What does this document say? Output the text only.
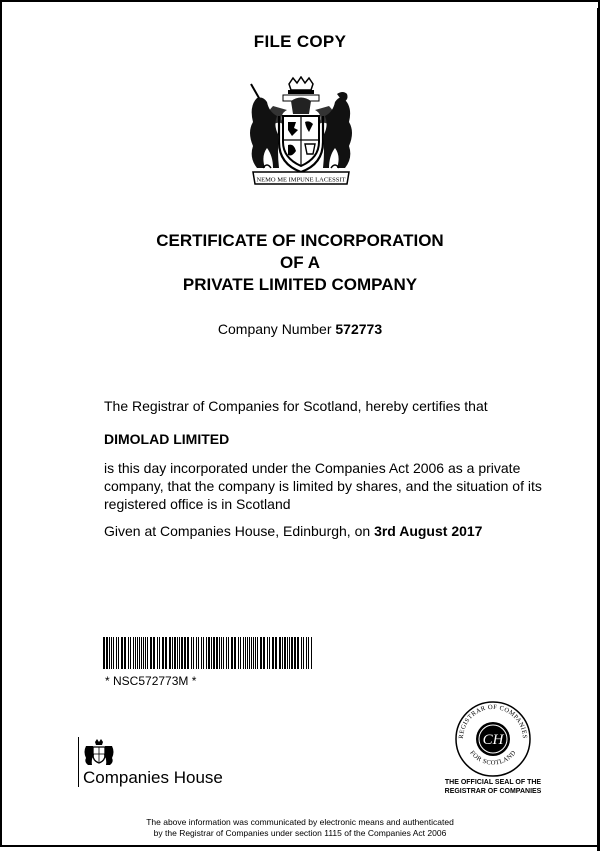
FILE COPY
NEMO ME IMPUNE LACESSIT
CERTIFICATE OF INCORPORATION
OF A
PRIVATE LIMITED COMPANY
Company Number 572773
The Registrar of Companies for Scotland, hereby certifies that
DIMOLAD LIMITED
is this day incorporated under the Companies Act 2006 as a private company, that the company is limited by shares, and the situation of its registered office is in Scotland
Given at Companies House, Edinburgh, on 3rd August 2017
* NSC572773M *
Companies House
REGISTRAR OF COMPANIES
FOR SCOTLAND
CH
THE OFFICIAL SEAL OF THE
REGISTRAR OF COMPANIES
The above information was communicated by electronic means and authenticated
by the Registrar of Companies under section 1115 of the Companies Act 2006
